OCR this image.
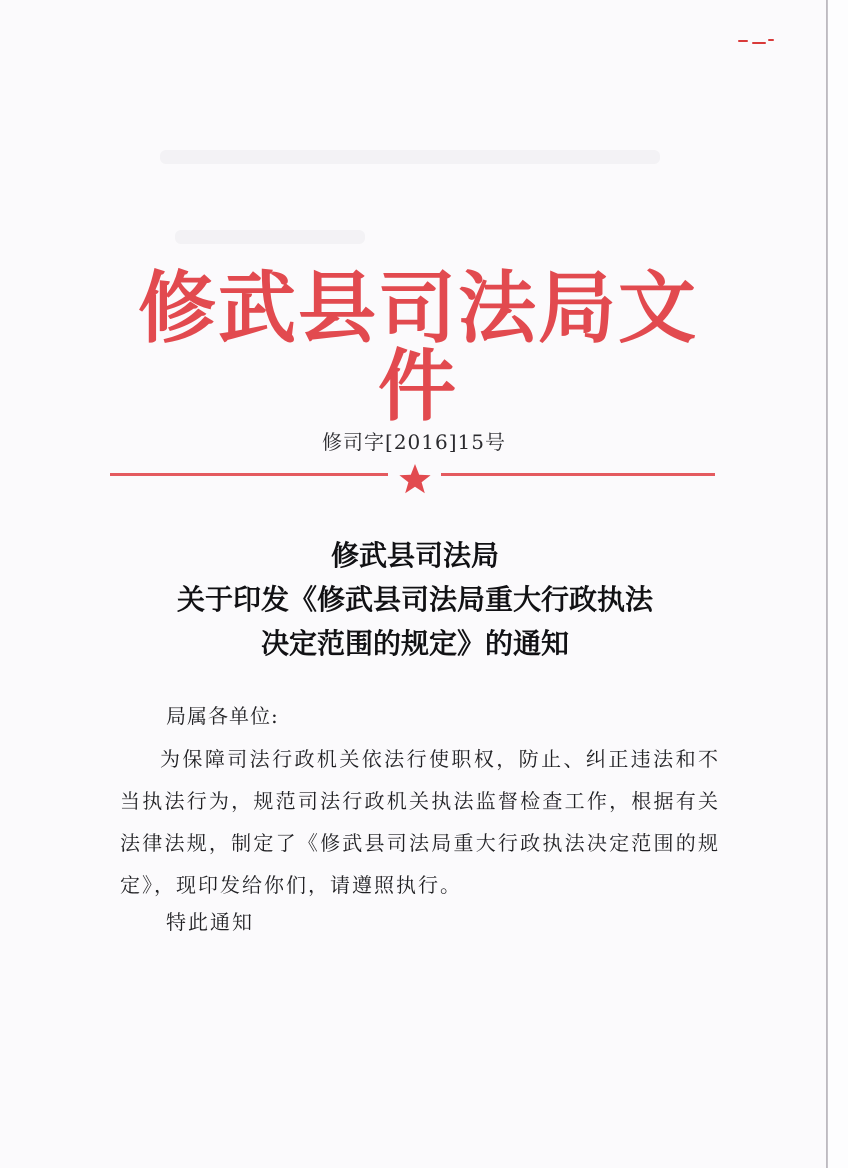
修武县司法局文件
修司字[2016]15号
修武县司法局
关于印发《修武县司法局重大行政执法
决定范围的规定》的通知
局属各单位:

为保障司法行政机关依法行使职权，防止、纠正违法和不当执法行为，规范司法行政机关执法监督检查工作，根据有关法律法规，制定了《修武县司法局重大行政执法决定范围的规定》，现印发给你们，请遵照执行。

特此通知
